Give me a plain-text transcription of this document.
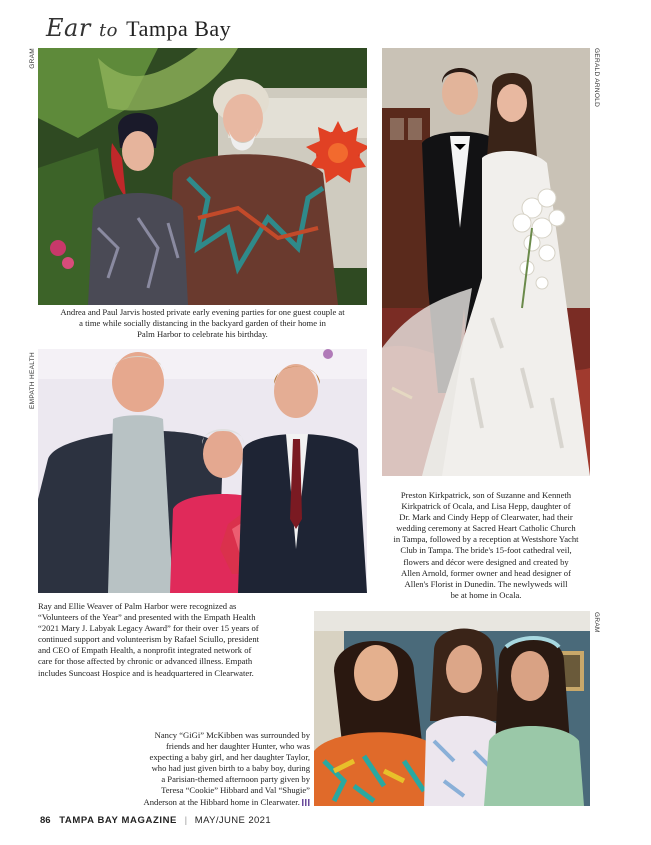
Ear to Tampa Bay
GRAM	GERALD ARNOLD
EMPATH HEALTH
GRAM
Andrea and Paul Jarvis hosted private early evening parties for one guest couple at
a time while socially distancing in the backyard garden of their home in
Palm Harbor to celebrate his birthday.
Preston Kirkpatrick, son of Suzanne and Kenneth
Kirkpatrick of Ocala, and Lisa Hepp, daughter of
Dr. Mark and Cindy Hepp of Clearwater, had their
wedding ceremony at Sacred Heart Catholic Church
in Tampa, followed by a reception at Westshore Yacht
Club in Tampa. The bride's 15-foot cathedral veil,
flowers and décor were designed and created by
Allen Arnold, former owner and head designer of
Allen's Florist in Dunedin. The newlyweds will
be at home in Ocala.
Ray and Ellie Weaver of Palm Harbor were recognized as
“Volunteers of the Year” and presented with the Empath Health
“2021 Mary J. Labyak Legacy Award” for their over 15 years of
continued support and volunteerism by Rafael Sciullo, president
and CEO of Empath Health, a nonprofit integrated network of
care for those affected by chronic or advanced illness. Empath
includes Suncoast Hospice and is headquartered in Clearwater.
Nancy “GiGi” McKibben was surrounded by
friends and her daughter Hunter, who was
expecting a baby girl, and her daughter Taylor,
who had just given birth to a baby boy, during
a Parisian-themed afternoon party given by
Teresa “Cookie” Hibbard and Val “Shugie”
Anderson at the Hibbard home in Clearwater.
86 TAMPA BAY MAGAZINE | MAY/JUNE 2021
